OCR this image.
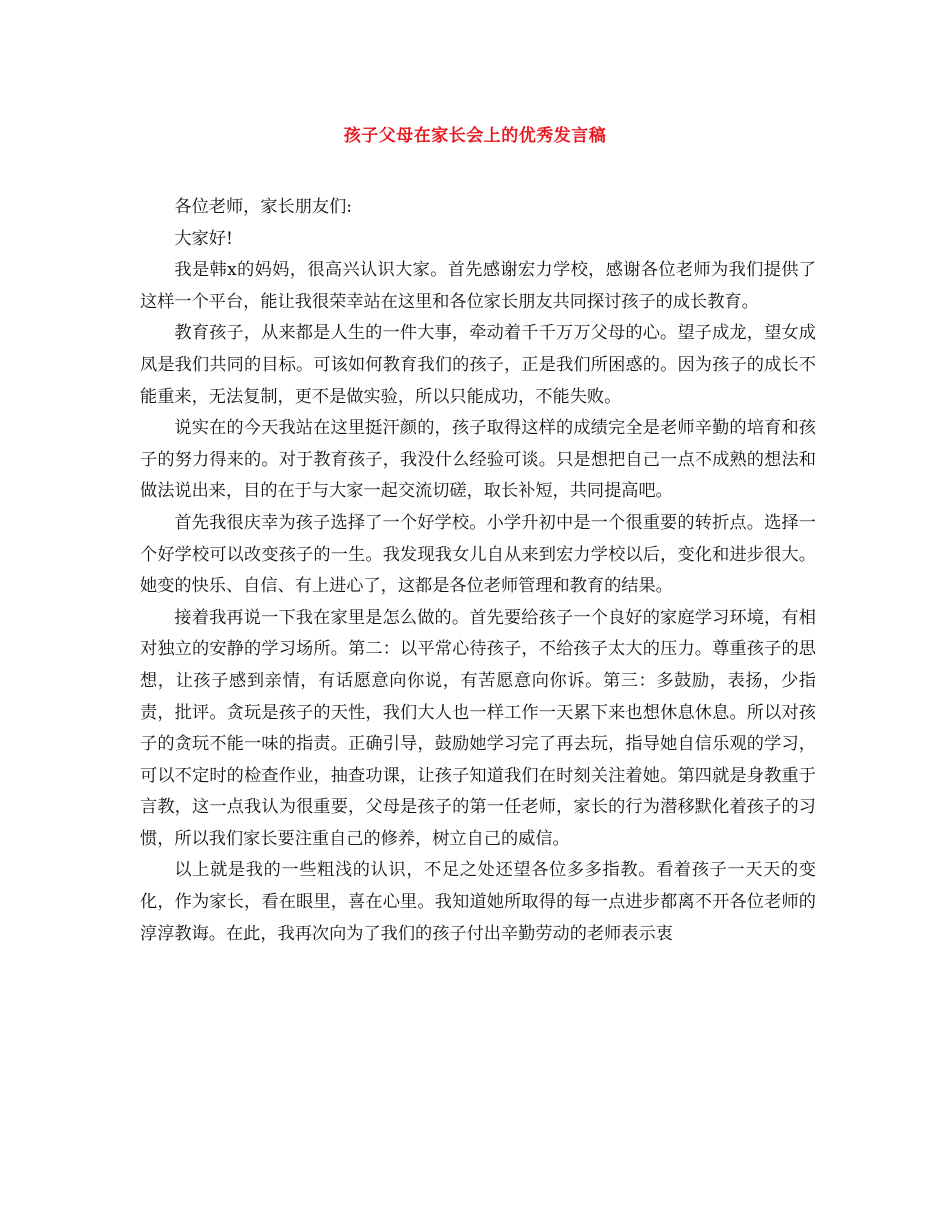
孩子父母在家长会上的优秀发言稿

各位老师，家长朋友们:

大家好!

我是韩x的妈妈，很高兴认识大家。首先感谢宏力学校，感谢各位老师为我们提供了这样一个平台，能让我很荣幸站在这里和各位家长朋友共同探讨孩子的成长教育。

教育孩子，从来都是人生的一件大事，牵动着千千万万父母的心。望子成龙，望女成凤是我们共同的目标。可该如何教育我们的孩子，正是我们所困惑的。因为孩子的成长不能重来，无法复制，更不是做实验，所以只能成功，不能失败。

说实在的今天我站在这里挺汗颜的，孩子取得这样的成绩完全是老师辛勤的培育和孩子的努力得来的。对于教育孩子，我没什么经验可谈。只是想把自己一点不成熟的想法和做法说出来，目的在于与大家一起交流切磋，取长补短，共同提高吧。

首先我很庆幸为孩子选择了一个好学校。小学升初中是一个很重要的转折点。选择一个好学校可以改变孩子的一生。我发现我女儿自从来到宏力学校以后，变化和进步很大。她变的快乐、自信、有上进心了，这都是各位老师管理和教育的结果。

接着我再说一下我在家里是怎么做的。首先要给孩子一个良好的家庭学习环境，有相对独立的安静的学习场所。第二：以平常心待孩子，不给孩子太大的压力。尊重孩子的思想，让孩子感到亲情，有话愿意向你说，有苦愿意向你诉。第三：多鼓励，表扬，少指责，批评。贪玩是孩子的天性，我们大人也一样工作一天累下来也想休息休息。所以对孩子的贪玩不能一味的指责。正确引导，鼓励她学习完了再去玩，指导她自信乐观的学习，可以不定时的检查作业，抽查功课，让孩子知道我们在时刻关注着她。第四就是身教重于言教，这一点我认为很重要，父母是孩子的第一任老师，家长的行为潜移默化着孩子的习惯，所以我们家长要注重自己的修养，树立自己的威信。

以上就是我的一些粗浅的认识，不足之处还望各位多多指教。看着孩子一天天的变化，作为家长，看在眼里，喜在心里。我知道她所取得的每一点进步都离不开各位老师的淳淳教诲。在此，我再次向为了我们的孩子付出辛勤劳动的老师表示衷
